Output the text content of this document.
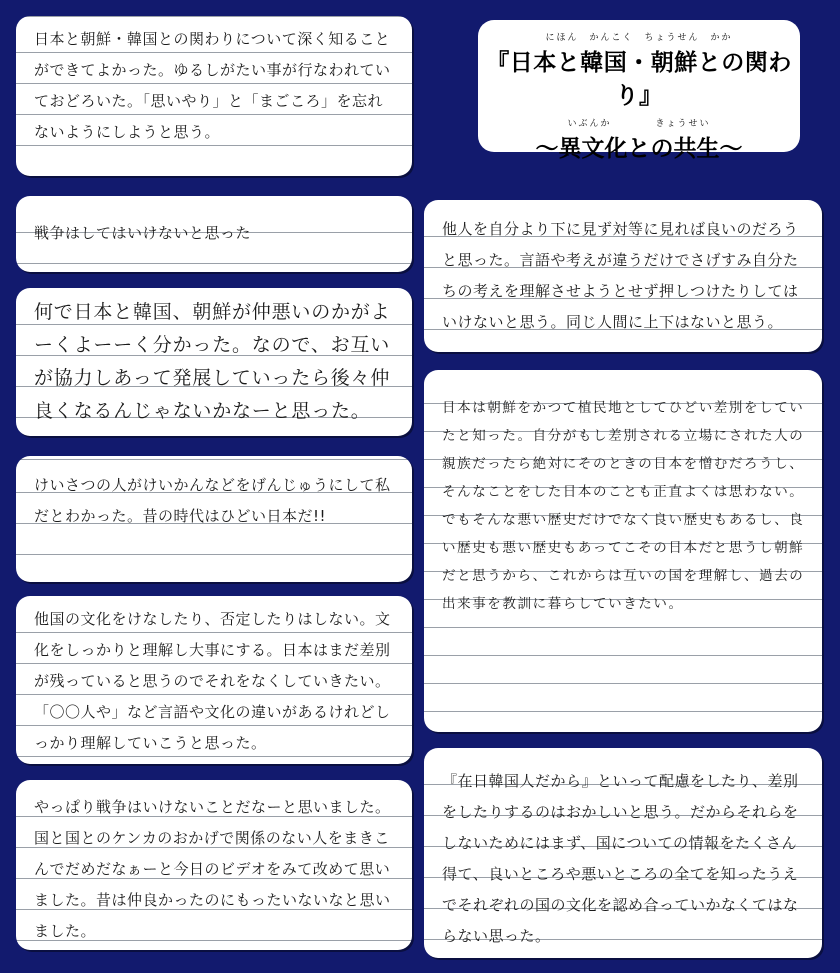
にほん　かんこく　ちょうせん　かか
『日本と韓国・朝鮮との関わり』
いぶんか　　　　きょうせい
～異文化との共生～

日本と朝鮮・韓国との関わりについて深く知ることができてよかった。ゆるしがたい事が行なわれていておどろいた。「思いやり」と「まごころ」を忘れないようにしようと思う。

戦争はしてはいけないと思った

何で日本と韓国、朝鮮が仲悪いのかがよーくよーーく分かった。なので、お互いが協力しあって発展していったら後々仲良くなるんじゃないかなーと思った。

けいさつの人がけいかんなどをげんじゅうにして私だとわかった。昔の時代はひどい日本だ!!

他国の文化をけなしたり、否定したりはしない。文化をしっかりと理解し大事にする。日本はまだ差別が残っていると思うのでそれをなくしていきたい。「〇〇人や」など言語や文化の違いがあるけれどしっかり理解していこうと思った。

やっぱり戦争はいけないことだなーと思いました。国と国とのケンカのおかげで関係のない人をまきこんでだめだなぁーと今日のビデオをみて改めて思いました。昔は仲良かったのにもったいないなと思いました。

他人を自分より下に見ず対等に見れば良いのだろうと思った。言語や考えが違うだけでさげすみ自分たちの考えを理解させようとせず押しつけたりしてはいけないと思う。同じ人間に上下はないと思う。

日本は朝鮮をかつて植民地としてひどい差別をしていたと知った。自分がもし差別される立場にされた人の親族だったら絶対にそのときの日本を憎むだろうし、そんなことをした日本のことも正直よくは思わない。でもそんな悪い歴史だけでなく良い歴史もあるし、良い歴史も悪い歴史もあってこその日本だと思うし朝鮮だと思うから、これからは互いの国を理解し、過去の出来事を教訓に暮らしていきたい。

『在日韓国人だから』といって配慮をしたり、差別をしたりするのはおかしいと思う。だからそれらをしないためにはまず、国についての情報をたくさん得て、良いところや悪いところの全てを知ったうえでそれぞれの国の文化を認め合っていかなくてはならない思った。
